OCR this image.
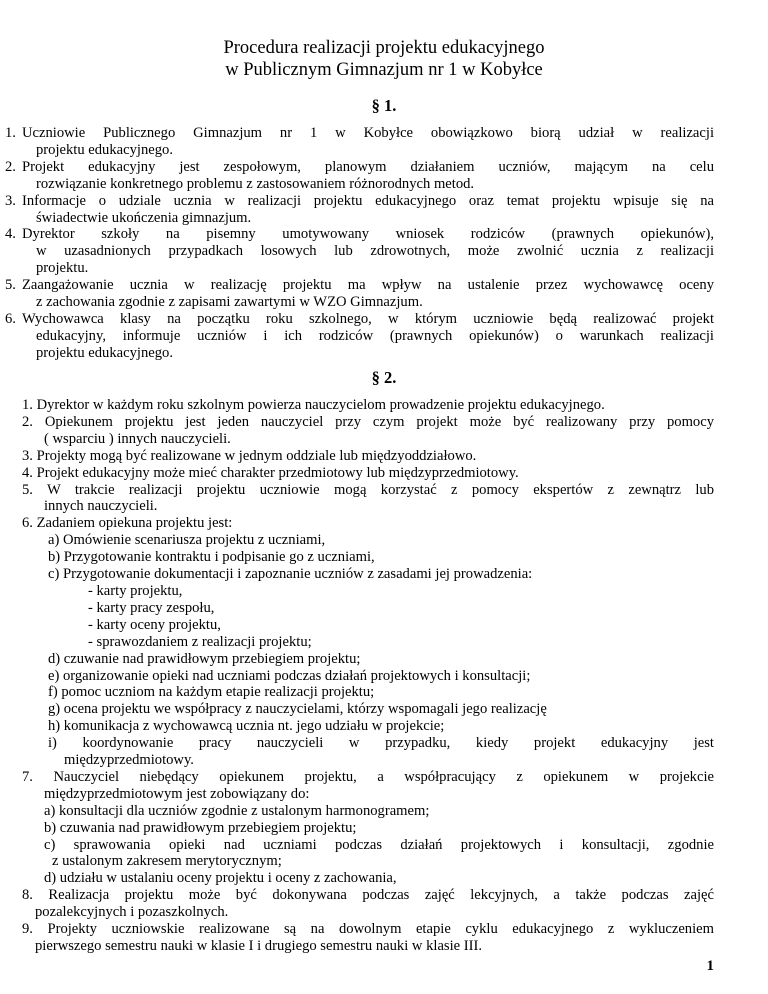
Procedura realizacji projektu edukacyjnego
w Publicznym Gimnazjum nr 1 w Kobyłce
§ 1.
1. Uczniowie Publicznego Gimnazjum nr 1 w Kobyłce obowiązkowo biorą udział w realizacji
projektu edukacyjnego.
2. Projekt edukacyjny jest zespołowym, planowym działaniem uczniów, mającym na celu
rozwiązanie konkretnego problemu z zastosowaniem różnorodnych metod.
3. Informacje o udziale ucznia w realizacji projektu edukacyjnego oraz temat projektu wpisuje się na
świadectwie ukończenia gimnazjum.
4. Dyrektor szkoły na pisemny umotywowany wniosek rodziców (prawnych opiekunów),
w uzasadnionych przypadkach losowych lub zdrowotnych, może zwolnić ucznia z realizacji
projektu.
5. Zaangażowanie ucznia w realizację projektu ma wpływ na ustalenie przez wychowawcę oceny
z zachowania zgodnie z zapisami zawartymi w WZO Gimnazjum.
6. Wychowawca klasy na początku roku szkolnego, w którym uczniowie będą realizować projekt
edukacyjny, informuje uczniów i ich rodziców (prawnych opiekunów) o warunkach realizacji
projektu edukacyjnego.
§ 2.
1. Dyrektor w każdym roku szkolnym powierza nauczycielom prowadzenie projektu edukacyjnego.
2. Opiekunem projektu jest jeden nauczyciel przy czym projekt może być realizowany przy pomocy
( wsparciu ) innych nauczycieli.
3. Projekty mogą być realizowane w jednym oddziale lub międzyoddziałowo.
4. Projekt edukacyjny może mieć charakter przedmiotowy lub międzyprzedmiotowy.
5. W trakcie realizacji projektu uczniowie mogą korzystać z pomocy ekspertów z zewnątrz lub
innych nauczycieli.
6. Zadaniem opiekuna projektu jest:
a) Omówienie scenariusza projektu z uczniami,
b) Przygotowanie kontraktu i podpisanie go z uczniami,
c) Przygotowanie dokumentacji i zapoznanie uczniów z zasadami jej prowadzenia:
- karty projektu,
- karty pracy zespołu,
- karty oceny projektu,
- sprawozdaniem z realizacji projektu;
d) czuwanie nad prawidłowym przebiegiem projektu;
e) organizowanie opieki nad uczniami podczas działań projektowych i konsultacji;
f) pomoc uczniom na każdym etapie realizacji projektu;
g) ocena projektu we współpracy z nauczycielami, którzy wspomagali jego realizację
h) komunikacja z wychowawcą ucznia nt. jego udziału w projekcie;
i) koordynowanie pracy nauczycieli w przypadku, kiedy projekt edukacyjny jest
międzyprzedmiotowy.
7. Nauczyciel niebędący opiekunem projektu, a współpracujący z opiekunem w projekcie
międzyprzedmiotowym jest zobowiązany do:
a) konsultacji dla uczniów zgodnie z ustalonym harmonogramem;
b) czuwania nad prawidłowym przebiegiem projektu;
c) sprawowania opieki nad uczniami podczas działań projektowych i konsultacji, zgodnie
z ustalonym zakresem merytorycznym;
d) udziału w ustalaniu oceny projektu i oceny z zachowania,
8. Realizacja projektu może być dokonywana podczas zajęć lekcyjnych, a także podczas zajęć
pozalekcyjnych i pozaszkolnych.
9. Projekty uczniowskie realizowane są na dowolnym etapie cyklu edukacyjnego z wykluczeniem
pierwszego semestru nauki w klasie I i drugiego semestru nauki w klasie III.
1
